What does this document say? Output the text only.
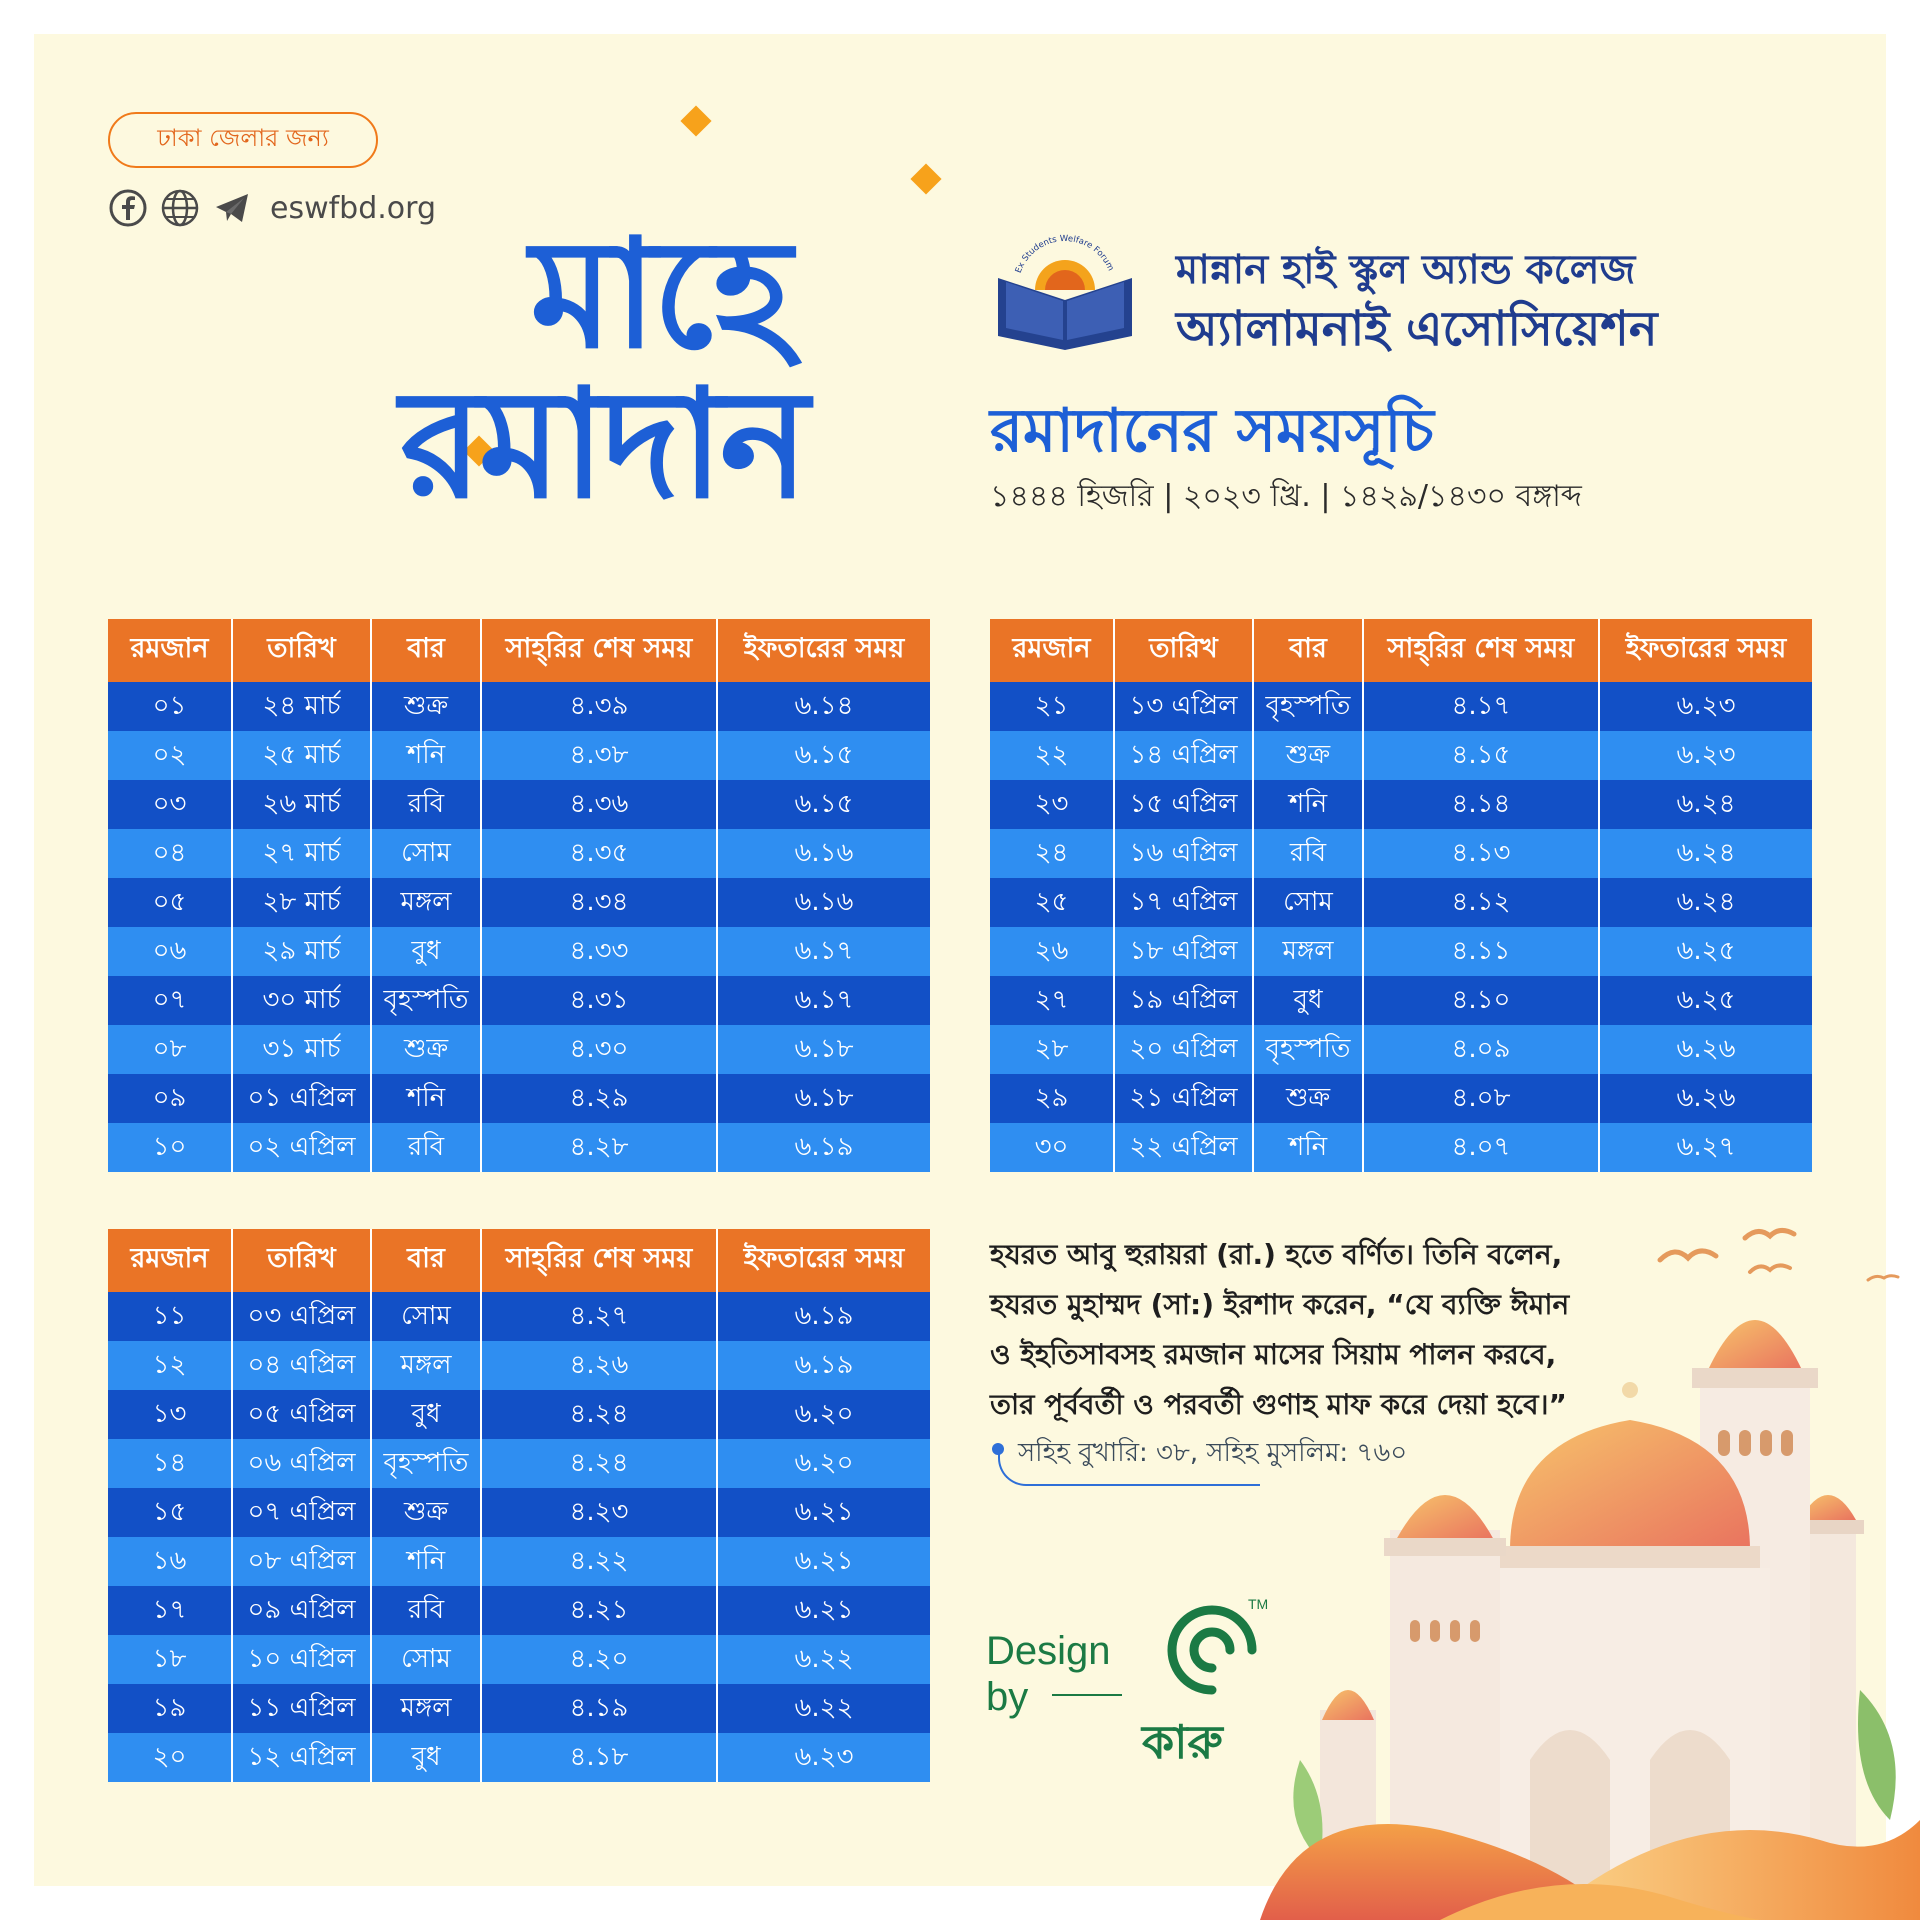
ঢাকা জেলার জন্য
eswfbd.org মাহে
রমাদান
Ex Students Welfare Forum মান্নান হাই স্কুল অ্যান্ড কলেজ
অ্যালামনাই এসোসিয়েশন
রমাদানের সময়সূচি
১৪৪৪ হিজরি | ২০২৩ খ্রি. | ১৪২৯/১৪৩০ বঙ্গাব্দ
রমজান	তারিখ	বার	সাহ্‌রির শেষ সময়	ইফতারের সময়
০১	২৪ মার্চ	শুক্র	৪.৩৯	৬.১৪
০২	২৫ মার্চ	শনি	৪.৩৮	৬.১৫
০৩	২৬ মার্চ	রবি	৪.৩৬	৬.১৫
০৪	২৭ মার্চ	সোম	৪.৩৫	৬.১৬
০৫	২৮ মার্চ	মঙ্গল	৪.৩৪	৬.১৬
০৬	২৯ মার্চ	বুধ	৪.৩৩	৬.১৭
০৭	৩০ মার্চ	বৃহস্পতি	৪.৩১	৬.১৭
০৮	৩১ মার্চ	শুক্র	৪.৩০	৬.১৮
০৯	০১ এপ্রিল	শনি	৪.২৯	৬.১৮
১০	০২ এপ্রিল	রবি	৪.২৮	৬.১৯
রমজান	তারিখ	বার	সাহ্‌রির শেষ সময়	ইফতারের সময়
২১	১৩ এপ্রিল	বৃহস্পতি	৪.১৭	৬.২৩
২২	১৪ এপ্রিল	শুক্র	৪.১৫	৬.২৩
২৩	১৫ এপ্রিল	শনি	৪.১৪	৬.২৪
২৪	১৬ এপ্রিল	রবি	৪.১৩	৬.২৪
২৫	১৭ এপ্রিল	সোম	৪.১২	৬.২৪
২৬	১৮ এপ্রিল	মঙ্গল	৪.১১	৬.২৫
২৭	১৯ এপ্রিল	বুধ	৪.১০	৬.২৫
২৮	২০ এপ্রিল	বৃহস্পতি	৪.০৯	৬.২৬
২৯	২১ এপ্রিল	শুক্র	৪.০৮	৬.২৬
৩০	২২ এপ্রিল	শনি	৪.০৭	৬.২৭
রমজান	তারিখ	বার	সাহ্‌রির শেষ সময়	ইফতারের সময়
১১	০৩ এপ্রিল	সোম	৪.২৭	৬.১৯
১২	০৪ এপ্রিল	মঙ্গল	৪.২৬	৬.১৯
১৩	০৫ এপ্রিল	বুধ	৪.২৪	৬.২০
১৪	০৬ এপ্রিল	বৃহস্পতি	৪.২৪	৬.২০
১৫	০৭ এপ্রিল	শুক্র	৪.২৩	৬.২১
১৬	০৮ এপ্রিল	শনি	৪.২২	৬.২১
১৭	০৯ এপ্রিল	রবি	৪.২১	৬.২১
১৮	১০ এপ্রিল	সোম	৪.২০	৬.২২
১৯	১১ এপ্রিল	মঙ্গল	৪.১৯	৬.২২
২০	১২ এপ্রিল	বুধ	৪.১৮	৬.২৩
হযরত আবু হুরায়রা (রা.) হতে বর্ণিত। তিনি বলেন,
হযরত মুহাম্মদ (সা:) ইরশাদ করেন, “যে ব্যক্তি ঈমান
ও ইহতিসাবসহ রমজান মাসের সিয়াম পালন করবে,
তার পূর্ববর্তী ও পরবর্তী গুণাহ মাফ করে দেয়া হবে।”
সহিহ বুখারি: ৩৮, সহিহ মুসলিম: ৭৬০
Design
by
TM
কারু
